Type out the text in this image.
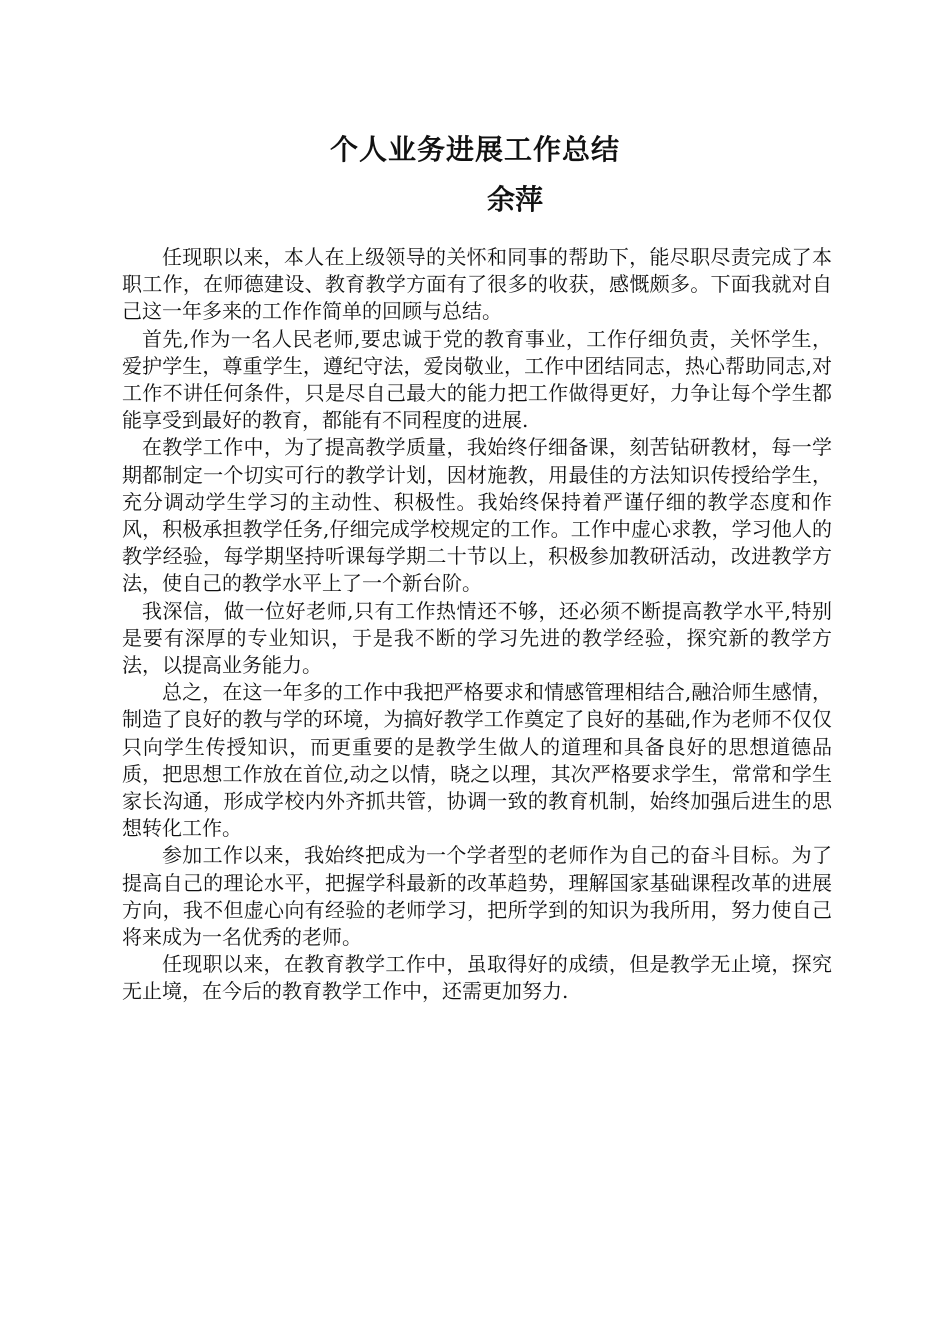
个人业务进展工作总结
余萍

任现职以来，本人在上级领导的关怀和同事的帮助下，能尽职尽责完成了本职工作，在师德建设、教育教学方面有了很多的收获，感慨颇多。下面我就对自己这一年多来的工作作简单的回顾与总结。

首先,作为一名人民老师,要忠诚于党的教育事业，工作仔细负责，关怀学生，爱护学生，尊重学生，遵纪守法，爱岗敬业，工作中团结同志，热心帮助同志,对工作不讲任何条件，只是尽自己最大的能力把工作做得更好，力争让每个学生都能享受到最好的教育，都能有不同程度的进展.

在教学工作中，为了提高教学质量，我始终仔细备课，刻苦钻研教材，每一学期都制定一个切实可行的教学计划，因材施教，用最佳的方法知识传授给学生，充分调动学生学习的主动性、积极性。我始终保持着严谨仔细的教学态度和作风，积极承担教学任务,仔细完成学校规定的工作。工作中虚心求教，学习他人的教学经验，每学期坚持听课每学期二十节以上，积极参加教研活动，改进教学方法，使自己的教学水平上了一个新台阶。

我深信，做一位好老师,只有工作热情还不够，还必须不断提高教学水平,特别是要有深厚的专业知识，于是我不断的学习先进的教学经验，探究新的教学方法，以提高业务能力。

总之，在这一年多的工作中我把严格要求和情感管理相结合,融洽师生感情，制造了良好的教与学的环境，为搞好教学工作奠定了良好的基础,作为老师不仅仅只向学生传授知识，而更重要的是教学生做人的道理和具备良好的思想道德品质，把思想工作放在首位,动之以情，晓之以理，其次严格要求学生，常常和学生家长沟通，形成学校内外齐抓共管，协调一致的教育机制，始终加强后进生的思想转化工作。

参加工作以来，我始终把成为一个学者型的老师作为自己的奋斗目标。为了提高自己的理论水平，把握学科最新的改革趋势，理解国家基础课程改革的进展方向，我不但虚心向有经验的老师学习，把所学到的知识为我所用，努力使自己将来成为一名优秀的老师。

任现职以来，在教育教学工作中，虽取得好的成绩，但是教学无止境，探究无止境，在今后的教育教学工作中，还需更加努力.
